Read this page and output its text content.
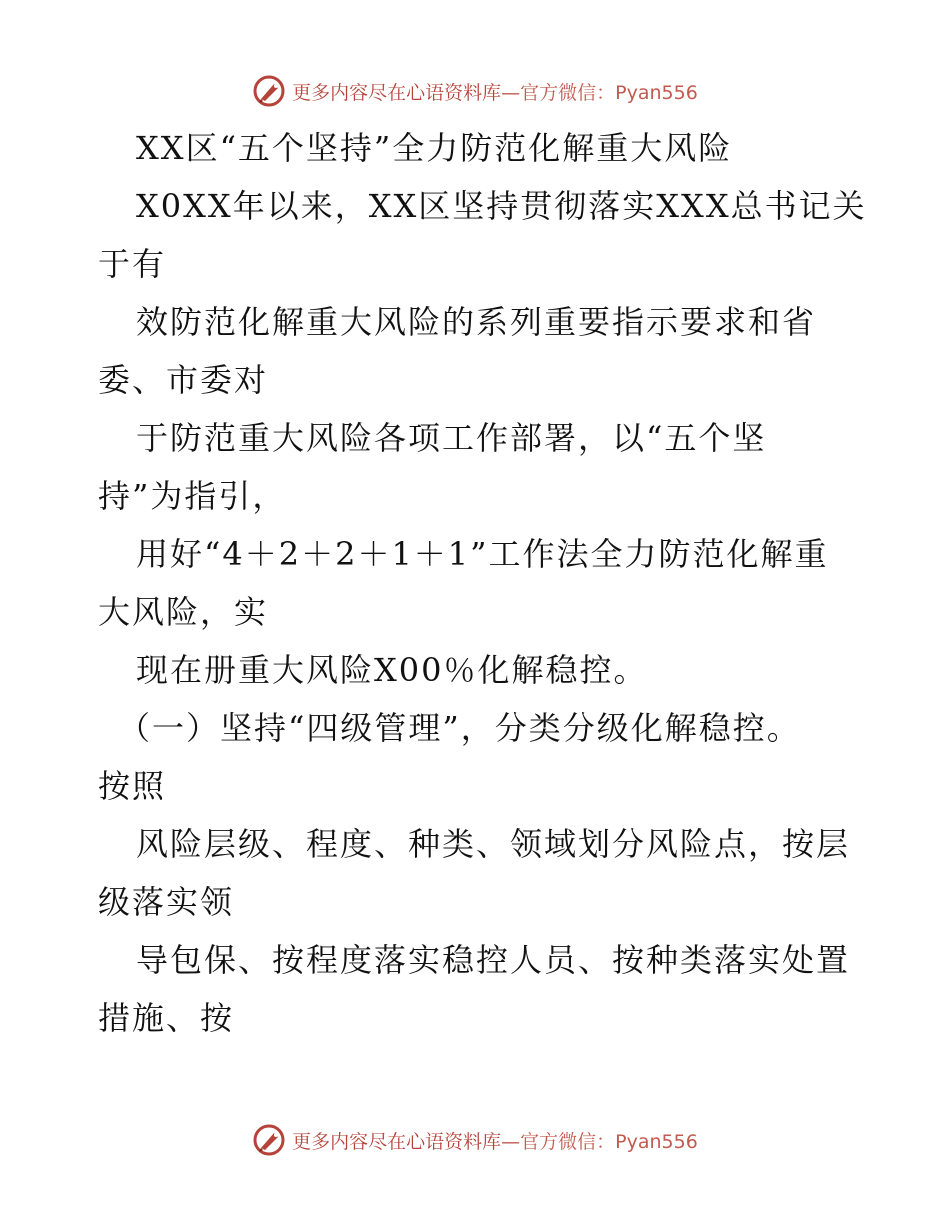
更多内容尽在心语资料库—官方微信：Pyan556
XX区“五个坚持”全力防范化解重大风险
X0XX年以来，XX区坚持贯彻落实XXX总书记关
于有
效防范化解重大风险的系列重要指示要求和省
委、市委对
于防范重大风险各项工作部署，以“五个坚
持”为指引，
用好“4＋2＋2＋1＋1”工作法全力防范化解重
大风险，实
现在册重大风险X00％化解稳控。
（一）坚持“四级管理”，分类分级化解稳控。
按照
风险层级、程度、种类、领域划分风险点，按层
级落实领
导包保、按程度落实稳控人员、按种类落实处置
措施、按
更多内容尽在心语资料库—官方微信：Pyan556
